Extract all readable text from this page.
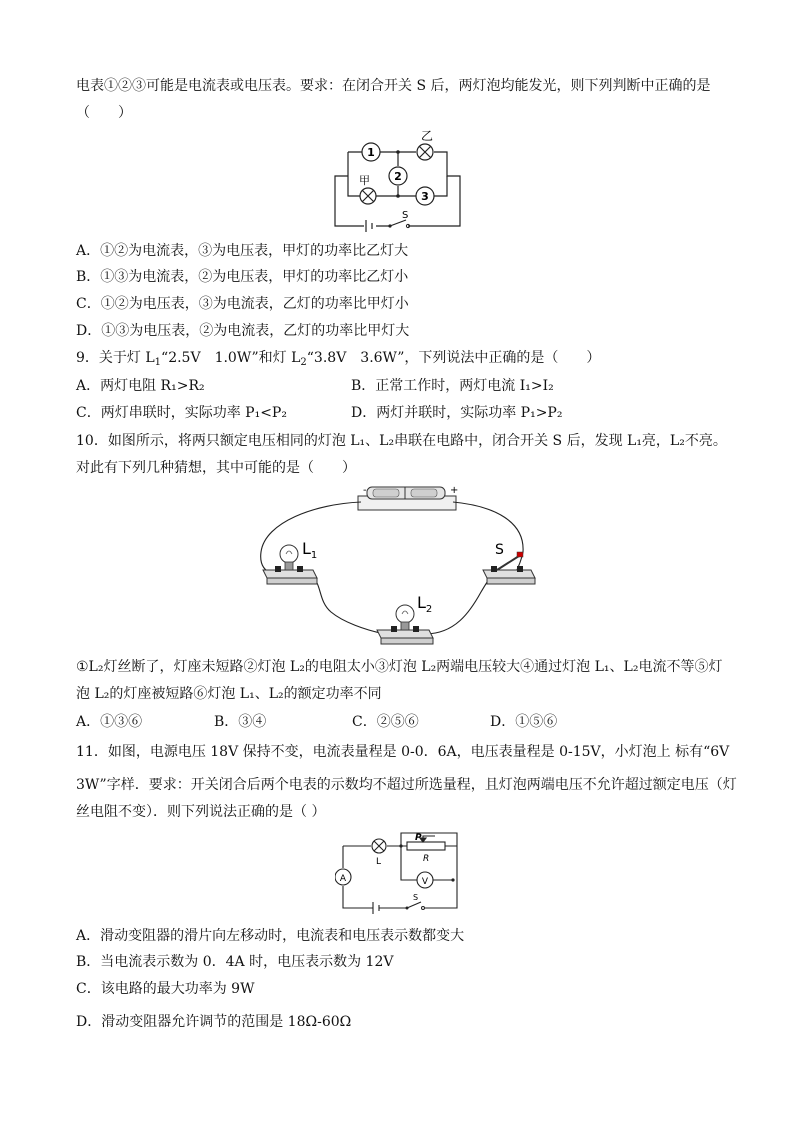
电表①②③可能是电流表或电压表。要求：在闭合开关 S 后，两灯泡均能发光，则下列判断中正确的是
（　　）
1
2
3
乙
甲
S
A．①②为电流表，③为电压表，甲灯的功率比乙灯大
B．①③为电流表，②为电压表，甲灯的功率比乙灯小
C．①②为电压表，③为电流表，乙灯的功率比甲灯小
D．①③为电压表，②为电流表，乙灯的功率比甲灯大
9．关于灯 $L_1“2.5V$　1.0W”和灯 $L_2“3.8V$　3.6W”，下列说法中正确的是（　　）
A．两灯电阻 R₁>R₂	B．正常工作时，两灯电流 I₁>I₂
C．两灯串联时，实际功率 P₁<P₂	D．两灯并联时，实际功率 P₁>P₂
10．如图所示，将两只额定电压相同的灯泡 L₁、L₂串联在电路中，闭合开关 S 后，发现 L₁亮，L₂不亮。
对此有下列几种猜想，其中可能的是（　　）
-	+
$L_1$
$L_2$
S
①L₂灯丝断了，灯座未短路②灯泡 L₂的电阻太小③灯泡 L₂两端电压较大④通过灯泡 L₁、L₂电流不等⑤灯
泡 L₂的灯座被短路⑥灯泡 L₁、L₂的额定功率不同
A．①③⑥	B．③④	C．②⑤⑥	D．①⑤⑥
11．如图，电源电压 18V 保持不变，电流表量程是 0-0．6A，电压表量程是 0-15V，小灯泡上 标有“6V
3W”字样．要求：开关闭合后两个电表的示数均不超过所选量程，且灯泡两端电压不允许超过额定电压（灯
丝电阻不变）．则下列说法正确的是（ ）
P
R
L
A	V
S
A．滑动变阻器的滑片向左移动时，电流表和电压表示数都变大
B．当电流表示数为 0．4A 时，电压表示数为 12V
C．该电路的最大功率为 9W
D．滑动变阻器允许调节的范围是 18Ω-60Ω
